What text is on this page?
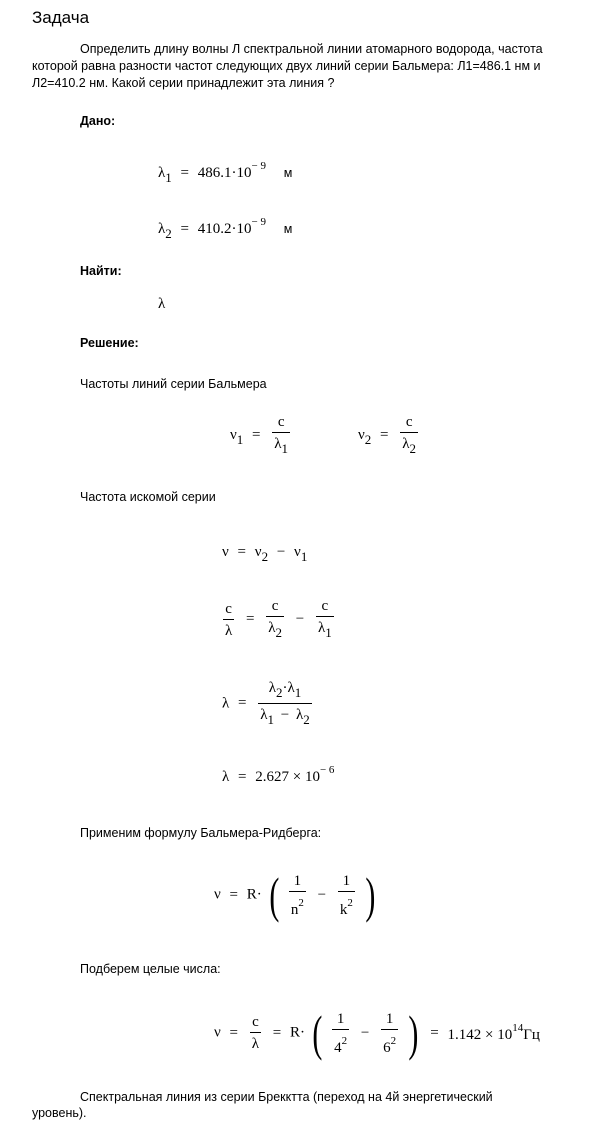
Задача
Определить длину волны Л спектральной линии атомарного водорода, частота
которой равна разности частот следующих двух линий серии Бальмера: Л1=486.1 нм и
Л2=410.2 нм. Какой серии принадлежит эта линия ?
Дано:
$\lambda 1 = 486.1\cdot 10^{- 9}$ м
$\lambda 2 = 410.2\cdot 10^{- 9}$ м
Найти:
λ
Решение:
Частоты линий серии Бальмера
$\nu 1 = \frac{c}{\lambda 1}$	$\nu 2 = \frac{c}{\lambda 2}$
Частота искомой серии
ν = ν2 − ν1
$\frac{c}{\lambda} = \frac{c}{\lambda 2} - \frac{c}{\lambda 1}$
$\lambda = \frac{\lambda 2\cdot\lambda 1}{\lambda 1 - \lambda 2}$
$\lambda = 2.627 \times 10^{- 6}$
Применим формулу Бальмера-Ридберга:
ν = R· ( $\frac{1}{n^2} - \frac{1}{k^2}$ )
Подберем целые числа:
$\nu = \frac{c}{\lambda} = R\cdot$ ( $\frac{1}{4^2} - \frac{1}{6^2}$ ) = $1.142 \times 10^{14}Гц$
Спектральная линия из серии Брекктта (переход на 4й энергетический
уровень).
